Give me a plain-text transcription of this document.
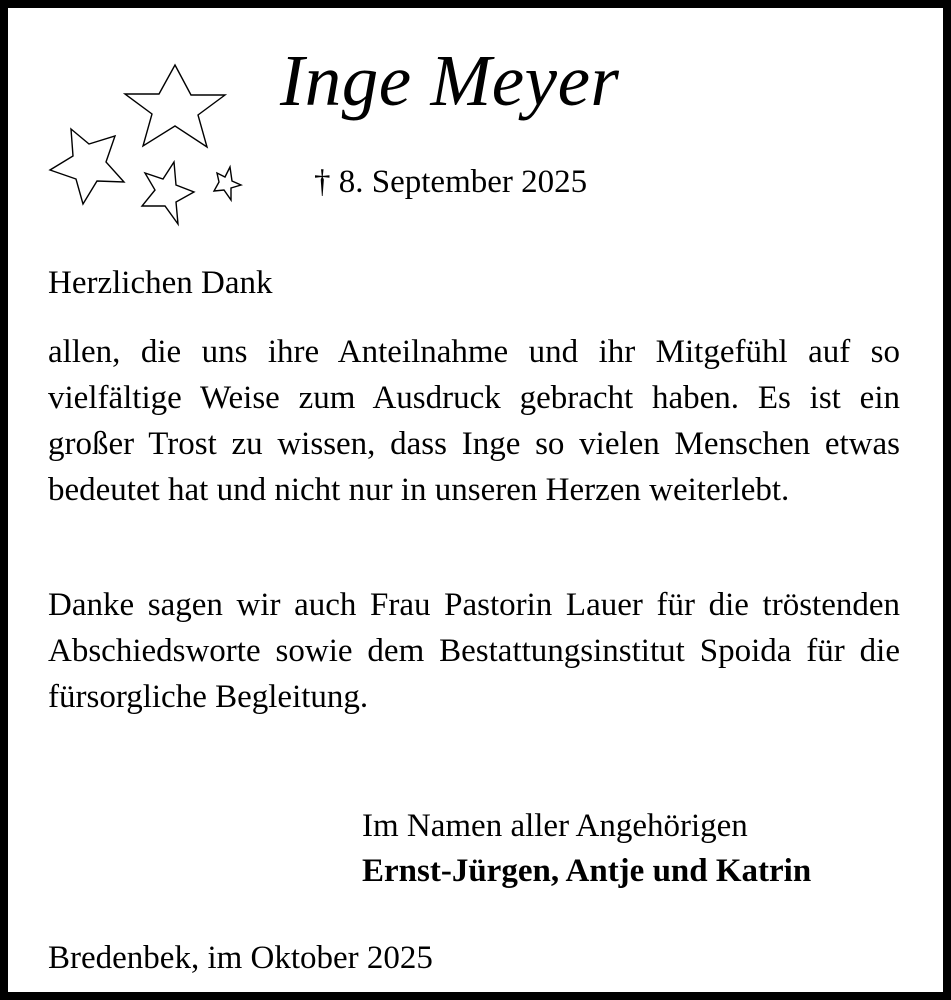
Inge Meyer
† 8. September 2025
Herzlichen Dank
allen, die uns ihre Anteilnahme und ihr Mitgefühl auf so vielfältige Weise zum Ausdruck gebracht haben. Es ist ein großer Trost zu wissen, dass Inge so vielen Menschen etwas bedeutet hat und nicht nur in unseren Herzen weiterlebt.
Danke sagen wir auch Frau Pastorin Lauer für die tröstenden Abschiedsworte sowie dem Bestattungsinstitut Spoida für die fürsorgliche Begleitung.
Im Namen aller Angehörigen
Ernst-Jürgen, Antje und Katrin
Bredenbek, im Oktober 2025
